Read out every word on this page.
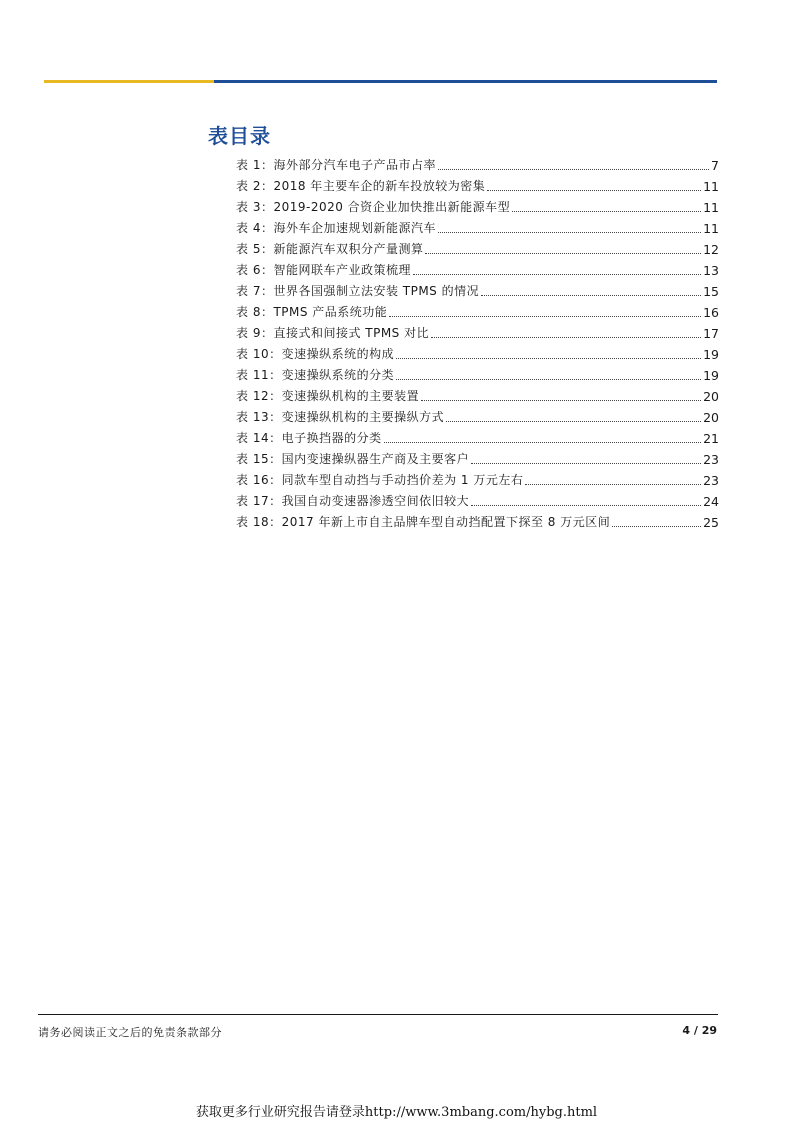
表目录
表 1：海外部分汽车电子产品市占率	7
表 2：2018 年主要车企的新车投放较为密集	11
表 3：2019-2020 合资企业加快推出新能源车型	11
表 4：海外车企加速规划新能源汽车	11
表 5：新能源汽车双积分产量测算	12
表 6：智能网联车产业政策梳理	13
表 7：世界各国强制立法安装 TPMS 的情况	15
表 8：TPMS 产品系统功能	16
表 9：直接式和间接式 TPMS 对比	17
表 10：变速操纵系统的构成	19
表 11：变速操纵系统的分类	19
表 12：变速操纵机构的主要装置	20
表 13：变速操纵机构的主要操纵方式	20
表 14：电子换挡器的分类	21
表 15：国内变速操纵器生产商及主要客户	23
表 16：同款车型自动挡与手动挡价差为 1 万元左右	23
表 17：我国自动变速器渗透空间依旧较大	24
表 18：2017 年新上市自主品牌车型自动挡配置下探至 8 万元区间	25
请务必阅读正文之后的免责条款部分	4 / 29
获取更多行业研究报告请登录http://www.3mbang.com/hybg.html
